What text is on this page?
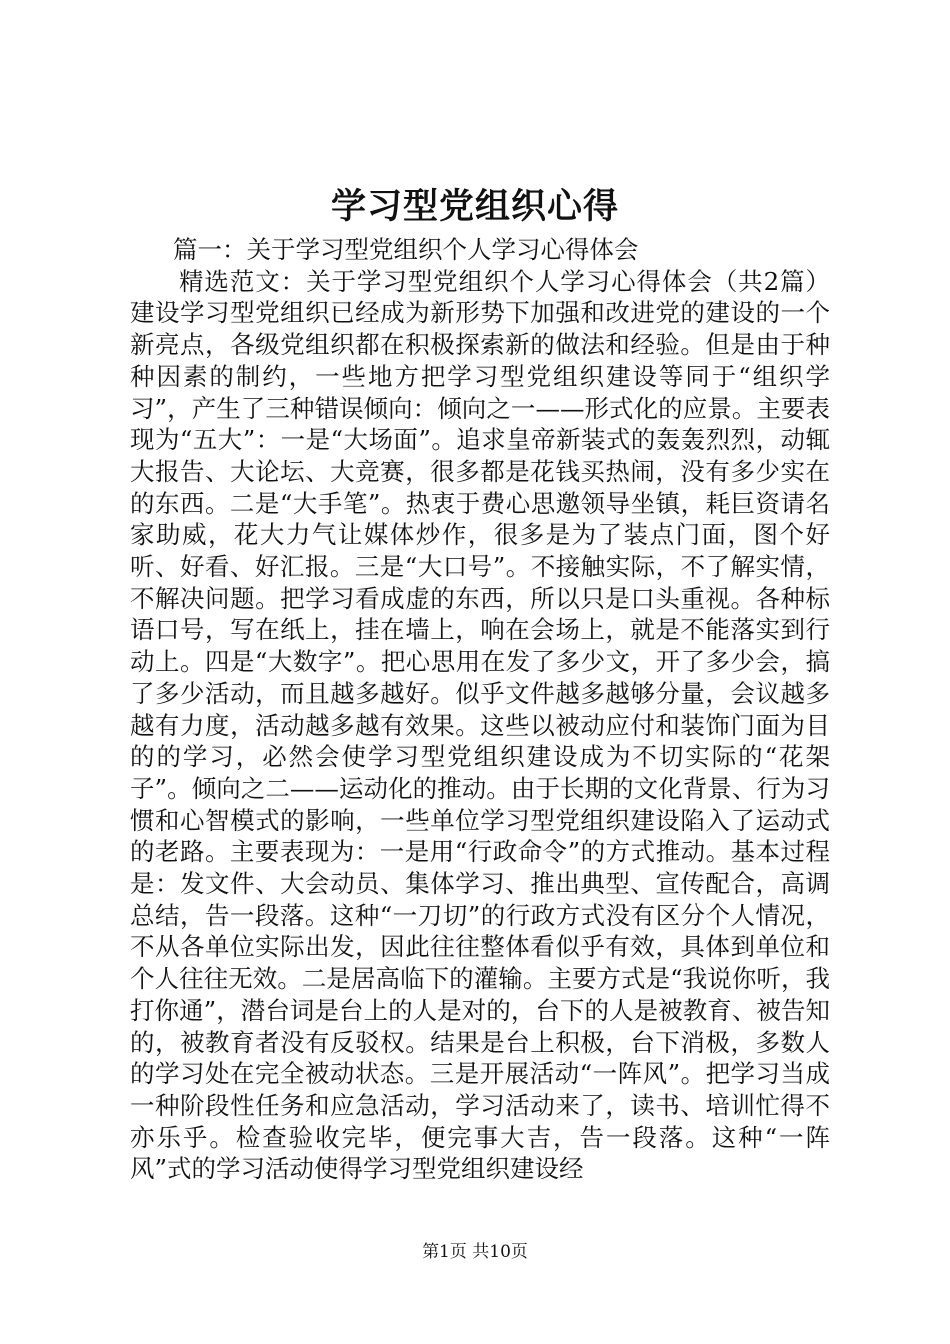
学习型党组织心得

篇一：关于学习型党组织个人学习心得体会

精选范文：关于学习型党组织个人学习心得体会（共2篇）建设学习型党组织已经成为新形势下加强和改进党的建设的一个新亮点，各级党组织都在积极探索新的做法和经验。但是由于种种因素的制约，一些地方把学习型党组织建设等同于“组织学习”，产生了三种错误倾向：倾向之一——形式化的应景。主要表现为“五大”：一是“大场面”。追求皇帝新装式的轰轰烈烈，动辄大报告、大论坛、大竞赛，很多都是花钱买热闹，没有多少实在的东西。二是“大手笔”。热衷于费心思邀领导坐镇，耗巨资请名家助威，花大力气让媒体炒作，很多是为了装点门面，图个好听、好看、好汇报。三是“大口号”。不接触实际，不了解实情，不解决问题。把学习看成虚的东西，所以只是口头重视。各种标语口号，写在纸上，挂在墙上，响在会场上，就是不能落实到行动上。四是“大数字”。把心思用在发了多少文，开了多少会，搞了多少活动，而且越多越好。似乎文件越多越够分量，会议越多越有力度，活动越多越有效果。这些以被动应付和装饰门面为目的的学习，必然会使学习型党组织建设成为不切实际的“花架子”。倾向之二——运动化的推动。由于长期的文化背景、行为习惯和心智模式的影响，一些单位学习型党组织建设陷入了运动式的老路。主要表现为：一是用“行政命令”的方式推动。基本过程是：发文件、大会动员、集体学习、推出典型、宣传配合，高调总结，告一段落。这种“一刀切”的行政方式没有区分个人情况，不从各单位实际出发，因此往往整体看似乎有效，具体到单位和个人往往无效。二是居高临下的灌输。主要方式是“我说你听，我打你通”，潜台词是台上的人是对的，台下的人是被教育、被告知的，被教育者没有反驳权。结果是台上积极，台下消极，多数人的学习处在完全被动状态。三是开展活动“一阵风”。把学习当成一种阶段性任务和应急活动，学习活动来了，读书、培训忙得不亦乐乎。检查验收完毕，便完事大吉，告一段落。这种“一阵风”式的学习活动使得学习型党组织建设经

第1页 共10页
